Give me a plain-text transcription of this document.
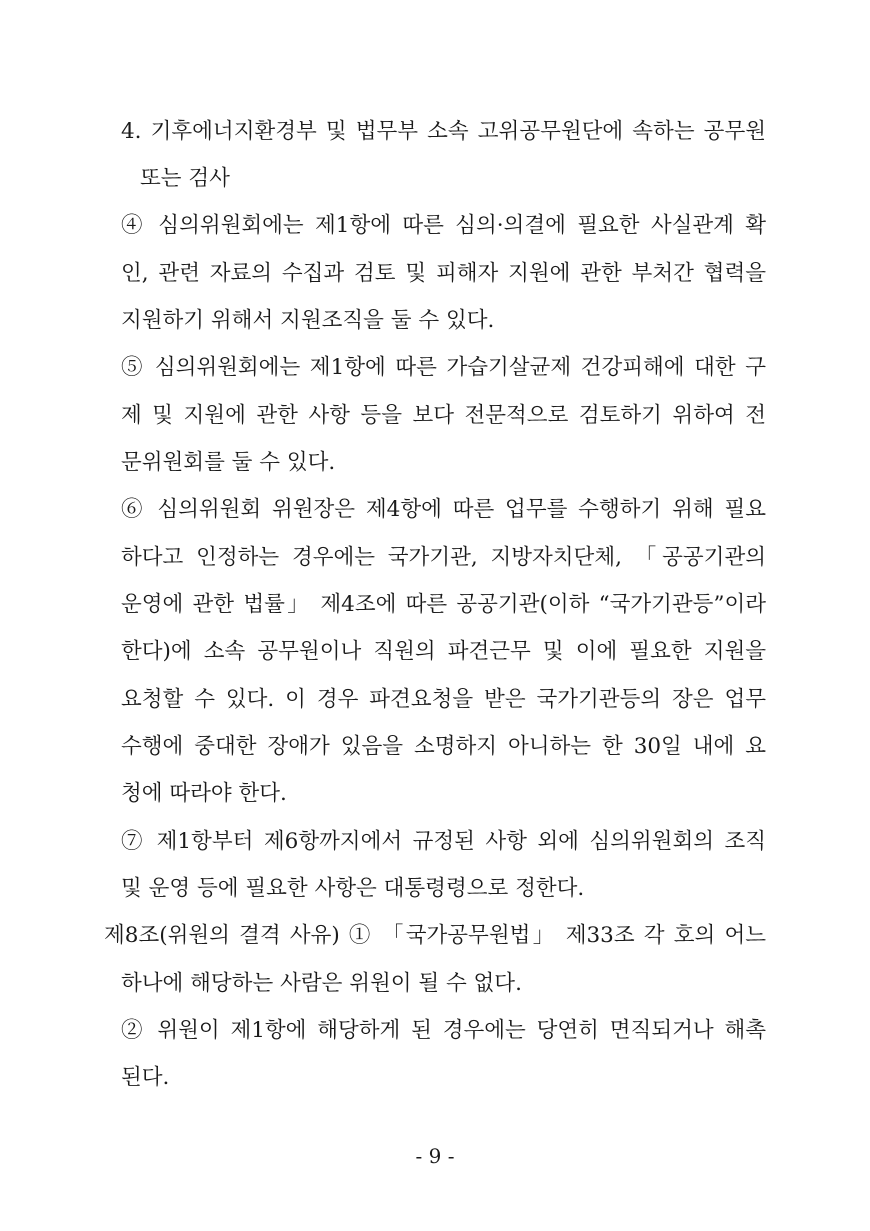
4. 기후에너지환경부 및 법무부 소속 고위공무원단에 속하는 공무원
또는 검사
④ 심의위원회에는 제1항에 따른 심의·의결에 필요한 사실관계 확
인, 관련 자료의 수집과 검토 및 피해자 지원에 관한 부처간 협력을
지원하기 위해서 지원조직을 둘 수 있다.
⑤ 심의위원회에는 제1항에 따른 가습기살균제 건강피해에 대한 구
제 및 지원에 관한 사항 등을 보다 전문적으로 검토하기 위하여 전
문위원회를 둘 수 있다.
⑥ 심의위원회 위원장은 제4항에 따른 업무를 수행하기 위해 필요
하다고 인정하는 경우에는 국가기관, 지방자치단체, 「공공기관의
운영에 관한 법률」 제4조에 따른 공공기관(이하 “국가기관등”이라
한다)에 소속 공무원이나 직원의 파견근무 및 이에 필요한 지원을
요청할 수 있다. 이 경우 파견요청을 받은 국가기관등의 장은 업무
수행에 중대한 장애가 있음을 소명하지 아니하는 한 30일 내에 요
청에 따라야 한다.
⑦ 제1항부터 제6항까지에서 규정된 사항 외에 심의위원회의 조직
및 운영 등에 필요한 사항은 대통령령으로 정한다.
제8조(위원의 결격 사유) ① 「국가공무원법」 제33조 각 호의 어느
하나에 해당하는 사람은 위원이 될 수 없다.
② 위원이 제1항에 해당하게 된 경우에는 당연히 면직되거나 해촉
된다.
- 9 -
